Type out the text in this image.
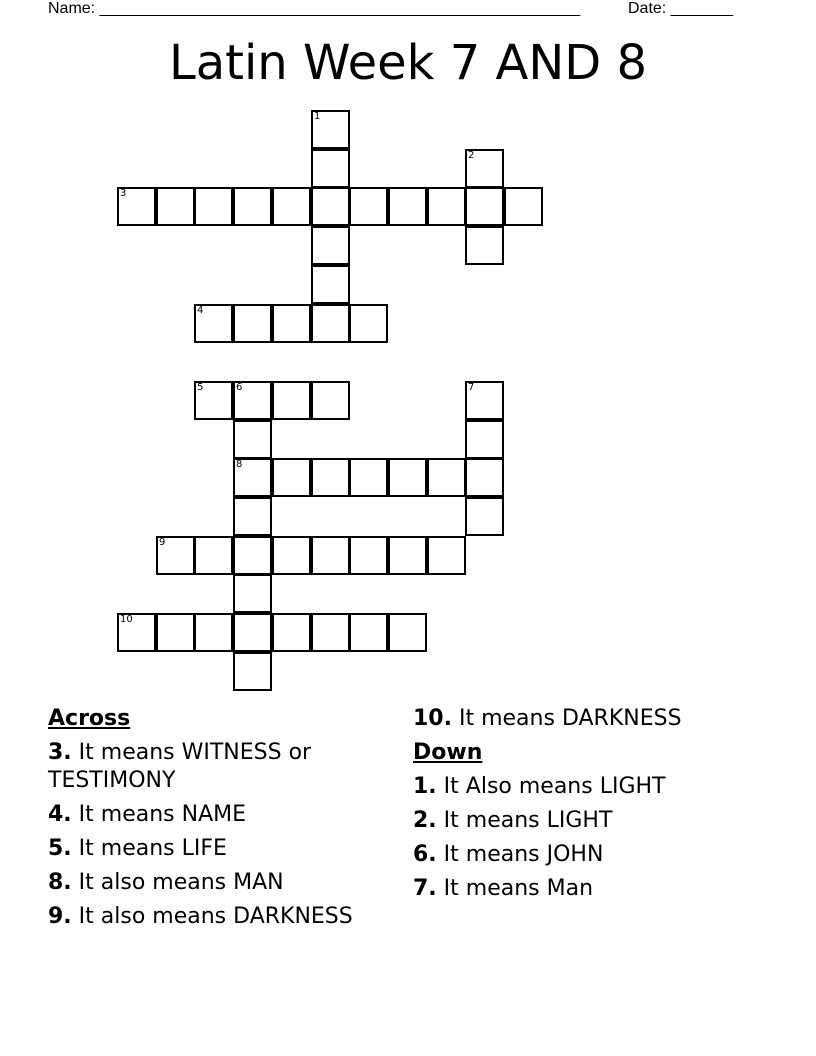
Name: ______________________________________________________	Date: _______
Latin Week 7 AND 8
3
4
5	6
8
9
10
1
2
7
Across
3. It means WITNESS or TESTIMONY
4. It means NAME
5. It means LIFE
8. It also means MAN
9. It also means DARKNESS
10. It means DARKNESS
Down
1. It Also means LIGHT
2. It means LIGHT
6. It means JOHN
7. It means Man
